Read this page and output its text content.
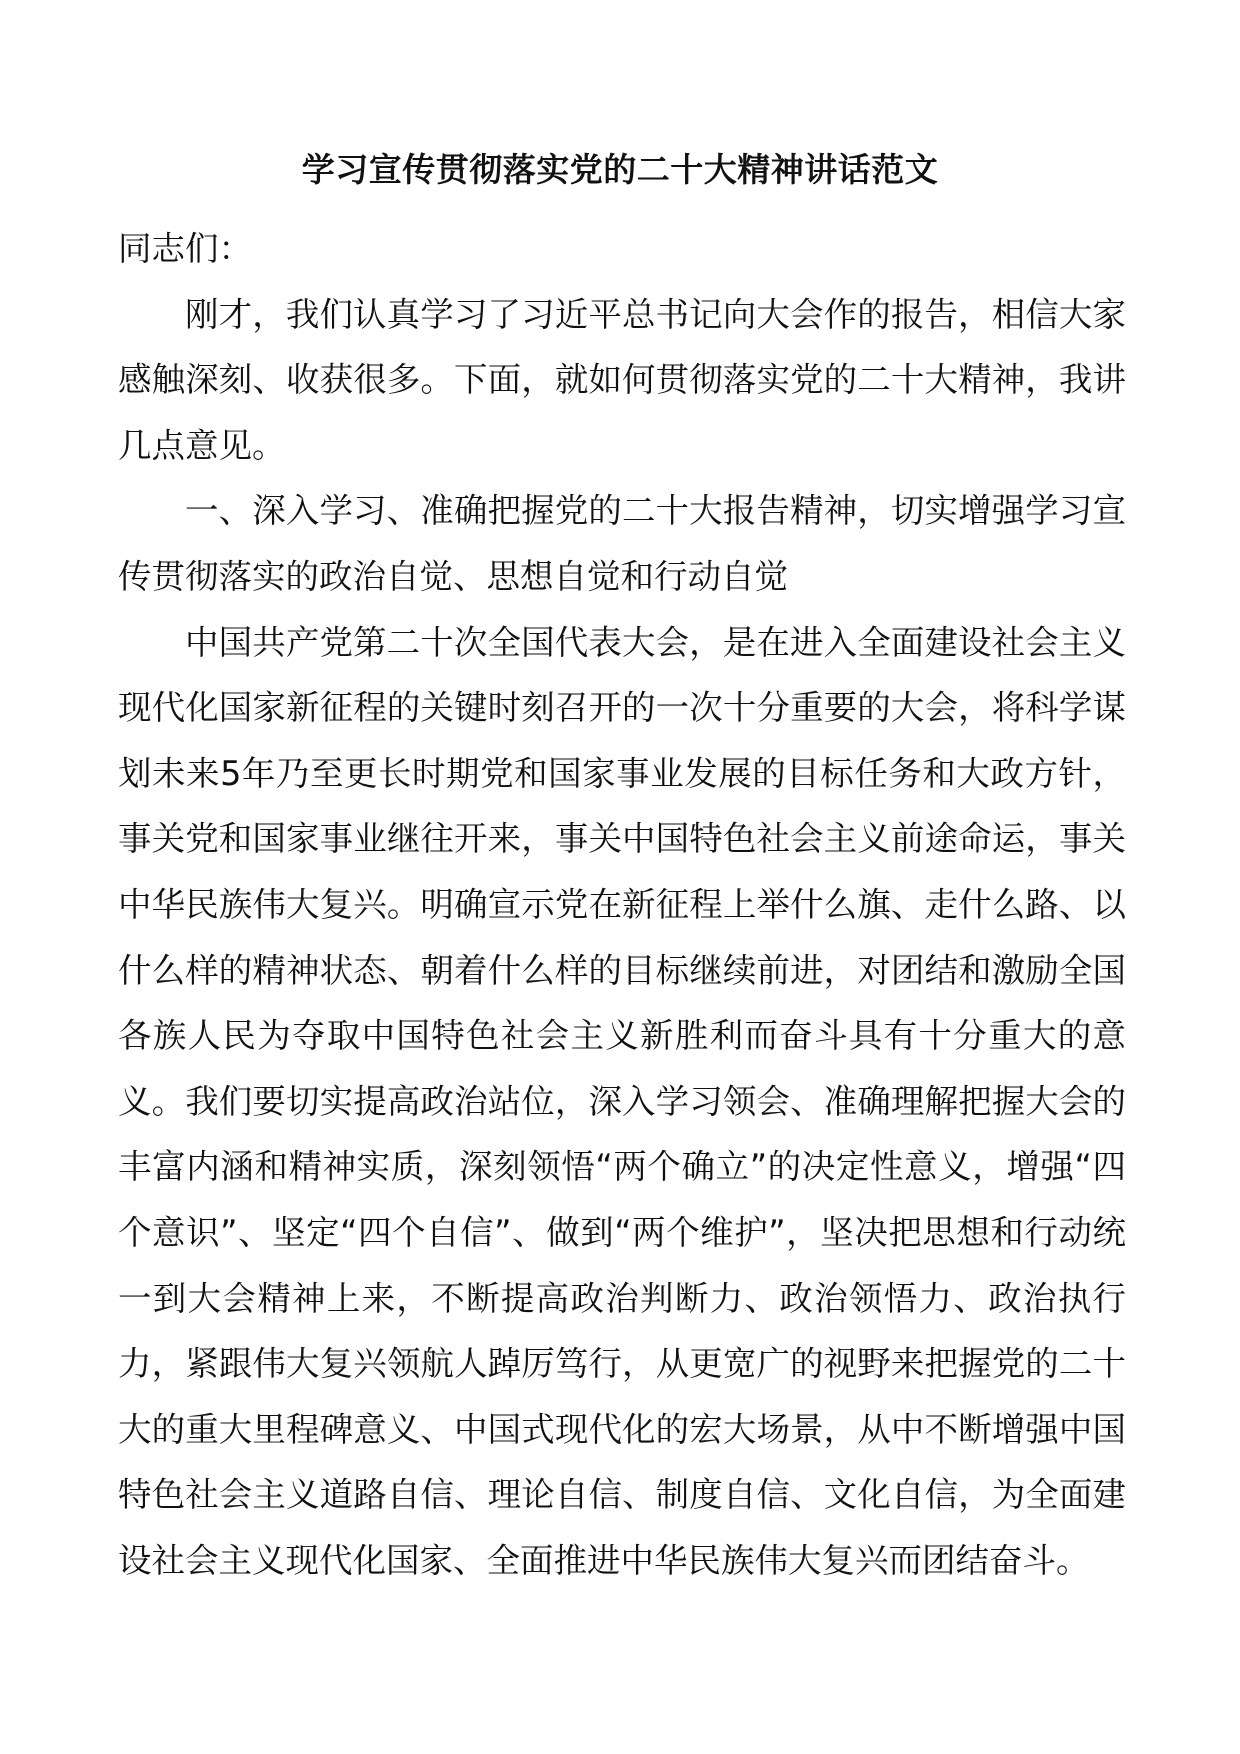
学习宣传贯彻落实党的二十大精神讲话范文

同志们：

刚才，我们认真学习了习近平总书记向大会作的报告，相信大家感触深刻、收获很多。下面，就如何贯彻落实党的二十大精神，我讲几点意见。

一、深入学习、准确把握党的二十大报告精神，切实增强学习宣传贯彻落实的政治自觉、思想自觉和行动自觉

中国共产党第二十次全国代表大会，是在进入全面建设社会主义现代化国家新征程的关键时刻召开的一次十分重要的大会，将科学谋划未来5年乃至更长时期党和国家事业发展的目标任务和大政方针，事关党和国家事业继往开来，事关中国特色社会主义前途命运，事关中华民族伟大复兴。明确宣示党在新征程上举什么旗、走什么路、以什么样的精神状态、朝着什么样的目标继续前进，对团结和激励全国各族人民为夺取中国特色社会主义新胜利而奋斗具有十分重大的意义。我们要切实提高政治站位，深入学习领会、准确理解把握大会的丰富内涵和精神实质，深刻领悟“两个确立”的决定性意义，增强“四个意识”、坚定“四个自信”、做到“两个维护”，坚决把思想和行动统一到大会精神上来，不断提高政治判断力、政治领悟力、政治执行力，紧跟伟大复兴领航人踔厉笃行，从更宽广的视野来把握党的二十大的重大里程碑意义、中国式现代化的宏大场景，从中不断增强中国特色社会主义道路自信、理论自信、制度自信、文化自信，为全面建设社会主义现代化国家、全面推进中华民族伟大复兴而团结奋斗。
